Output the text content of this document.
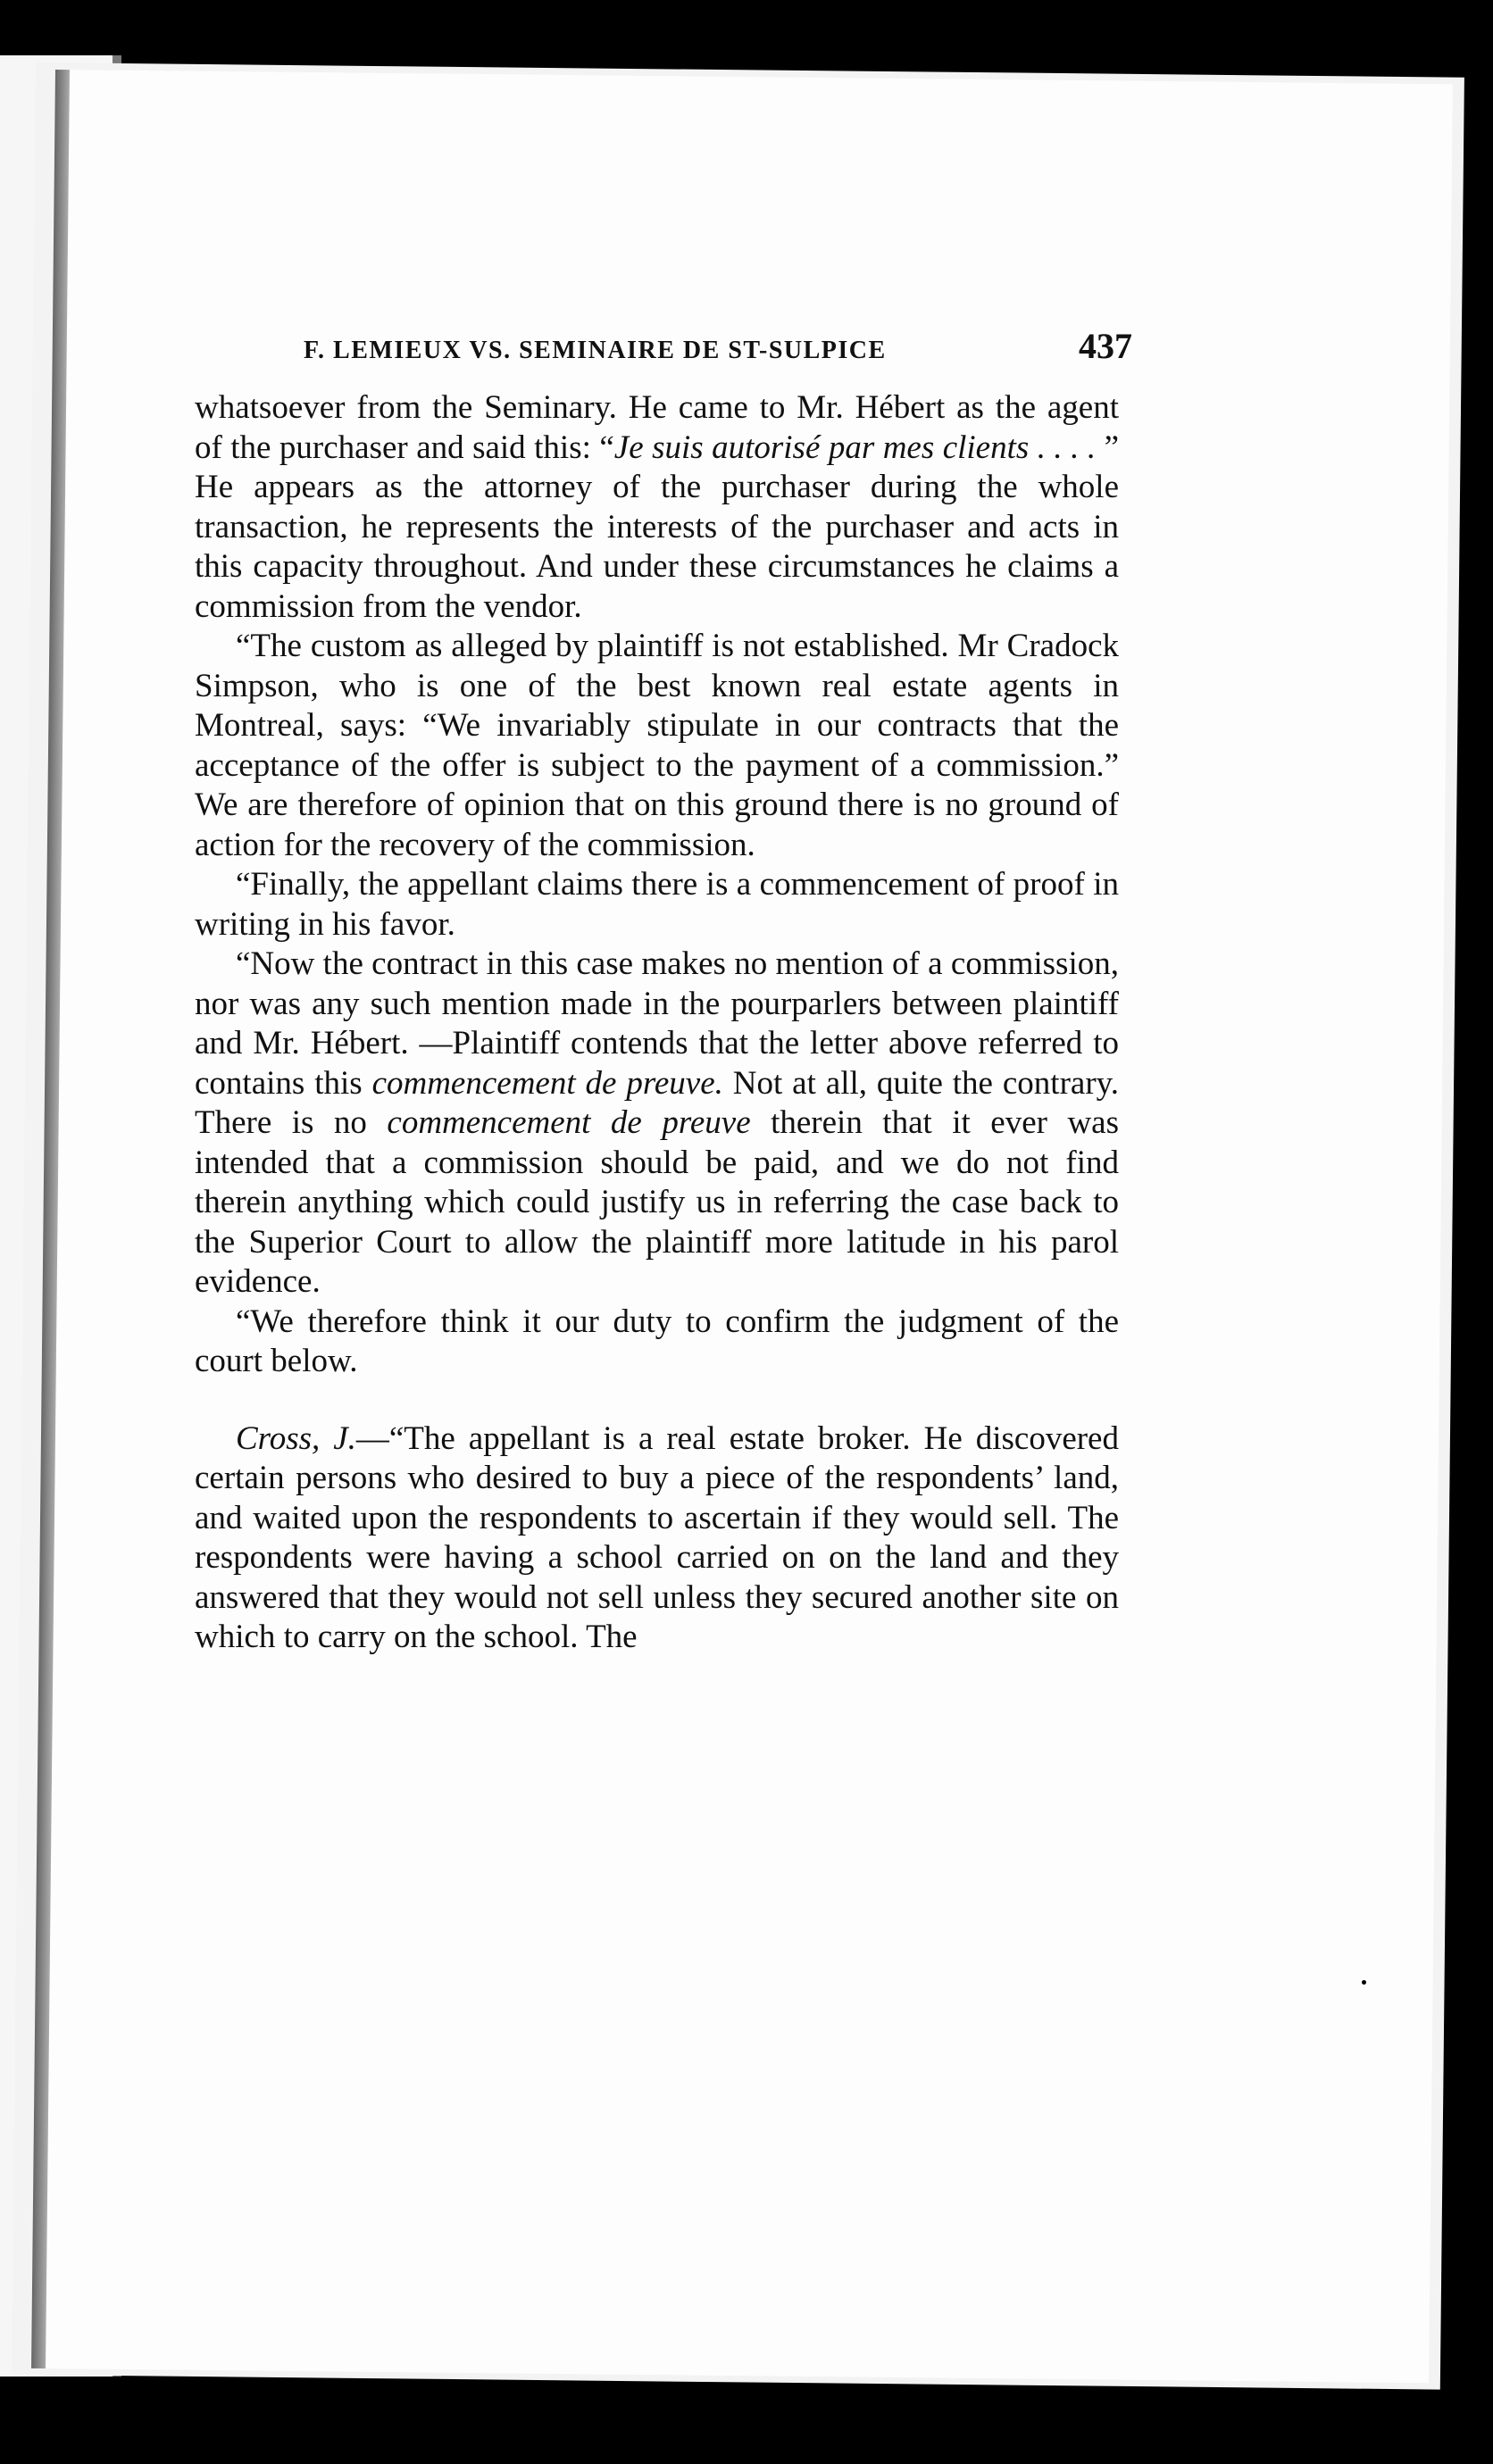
F. LEMIEUX VS. SEMINAIRE DE ST-SULPICE	437

whatsoever from the Seminary. He came to Mr. Hébert as the agent of the purchaser and said this: “Je suis autorisé par mes clients . . . . ” He appears as the attorney of the purchaser during the whole transaction, he represents the interests of the purchaser and acts in this capacity throughout. And under these circumstances he claims a commission from the vendor.

“The custom as alleged by plaintiff is not established. Mr Cradock Simpson, who is one of the best known real estate agents in Montreal, says: “We invariably stipulate in our contracts that the acceptance of the offer is subject to the payment of a commission.” We are therefore of opinion that on this ground there is no ground of action for the recovery of the commission.

“Finally, the appellant claims there is a commencement of proof in writing in his favor.

“Now the contract in this case makes no mention of a commission, nor was any such mention made in the pourparlers between plaintiff and Mr. Hébert. —Plaintiff contends that the letter above referred to contains this commencement de preuve. Not at all, quite the contrary. There is no commencement de preuve therein that it ever was intended that a commission should be paid, and we do not find therein anything which could justify us in referring the case back to the Superior Court to allow the plaintiff more latitude in his parol evidence.

“We therefore think it our duty to confirm the judgment of the court below.

Cross, J.—“The appellant is a real estate broker. He discovered certain persons who desired to buy a piece of the respondents’ land, and waited upon the respondents to ascertain if they would sell. The respondents were having a school carried on on the land and they answered that they would not sell unless they secured another site on which to carry on the school. The
